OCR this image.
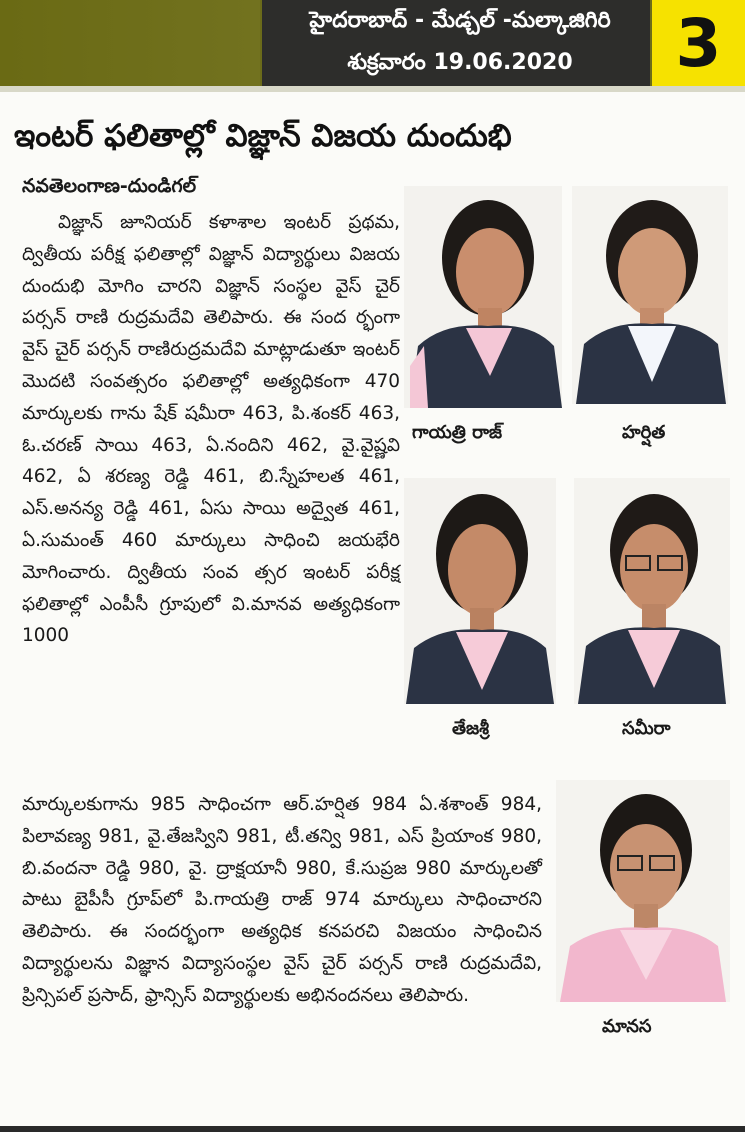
3
హైదరాబాద్ - మేడ్చల్ -మల్కాజిగిరి
శుక్రవారం 19.06.2020
ఇంటర్ ఫలితాల్లో విజ్ఞాన్ విజయ దుందుభి
నవతెలంగాణ-దుండిగల్
విజ్ఞాన్ జూనియర్ కళాశాల ఇంటర్ ప్రథమ, ద్వితీయ పరీక్ష ఫలితాల్లో విజ్ఞాన్ విద్యార్థులు విజయ దుందుభి మోగిం చారని విజ్ఞాన్ సంస్థల వైస్ చైర్ పర్సన్ రాణి రుద్రమదేవి తెలిపారు. ఈ సంద ర్భంగా వైస్ చైర్ పర్సన్ రాణిరుద్రమదేవి మాట్లాడుతూ ఇంటర్ మొదటి సంవత్సరం ఫలితాల్లో అత్యధికంగా 470 మార్కులకు గాను షేక్ షమీరా 463, పి.శంకర్ 463, ఓ.చరణ్ సాయి 463, ఏ.నందిని 462, వై.వైష్ణవి 462, ఏ శరణ్య రెడ్డి 461, బి.స్నేహలత 461, ఎస్.అనన్య రెడ్డి 461, ఏసు సాయి అద్వైత 461, ఏ.సుమంత్ 460 మార్కులు సాధించి జయభేరి మోగించారు. ద్వితీయ సంవ త్సర ఇంటర్ పరీక్ష ఫలితాల్లో ఎంపీసీ గ్రూపులో వి.మానవ అత్యధికంగా 1000
మార్కులకుగాను 985 సాధించగా ఆర్.హర్షిత 984 ఏ.శశాంత్ 984, పిలావణ్య 981, వై.తేజస్విని 981, టీ.తన్వి 981, ఎస్ ప్రియాంక 980, బి.వందనా రెడ్డి 980, వై. ద్రాక్షయానీ 980, కే.సుప్రజ 980 మార్కులతో పాటు బైపీసీ గ్రూప్‌లో పి.గాయత్రి రాజ్ 974 మార్కులు సాధించారని తెలిపారు. ఈ సందర్భంగా అత్యధిక కనపరచి విజయం సాధించిన విద్యార్థులను విజ్ఞాన విద్యాసంస్థల వైస్ చైర్ పర్సన్ రాణి రుద్రమదేవి, ప్రిన్సిపల్ ప్రసాద్, ఫ్రాన్సిస్ విద్యార్థులకు అభినందనలు తెలిపారు.
గాయత్రి రాజ్	హర్షిత
తేజశ్రీ	సమీరా
మానస
